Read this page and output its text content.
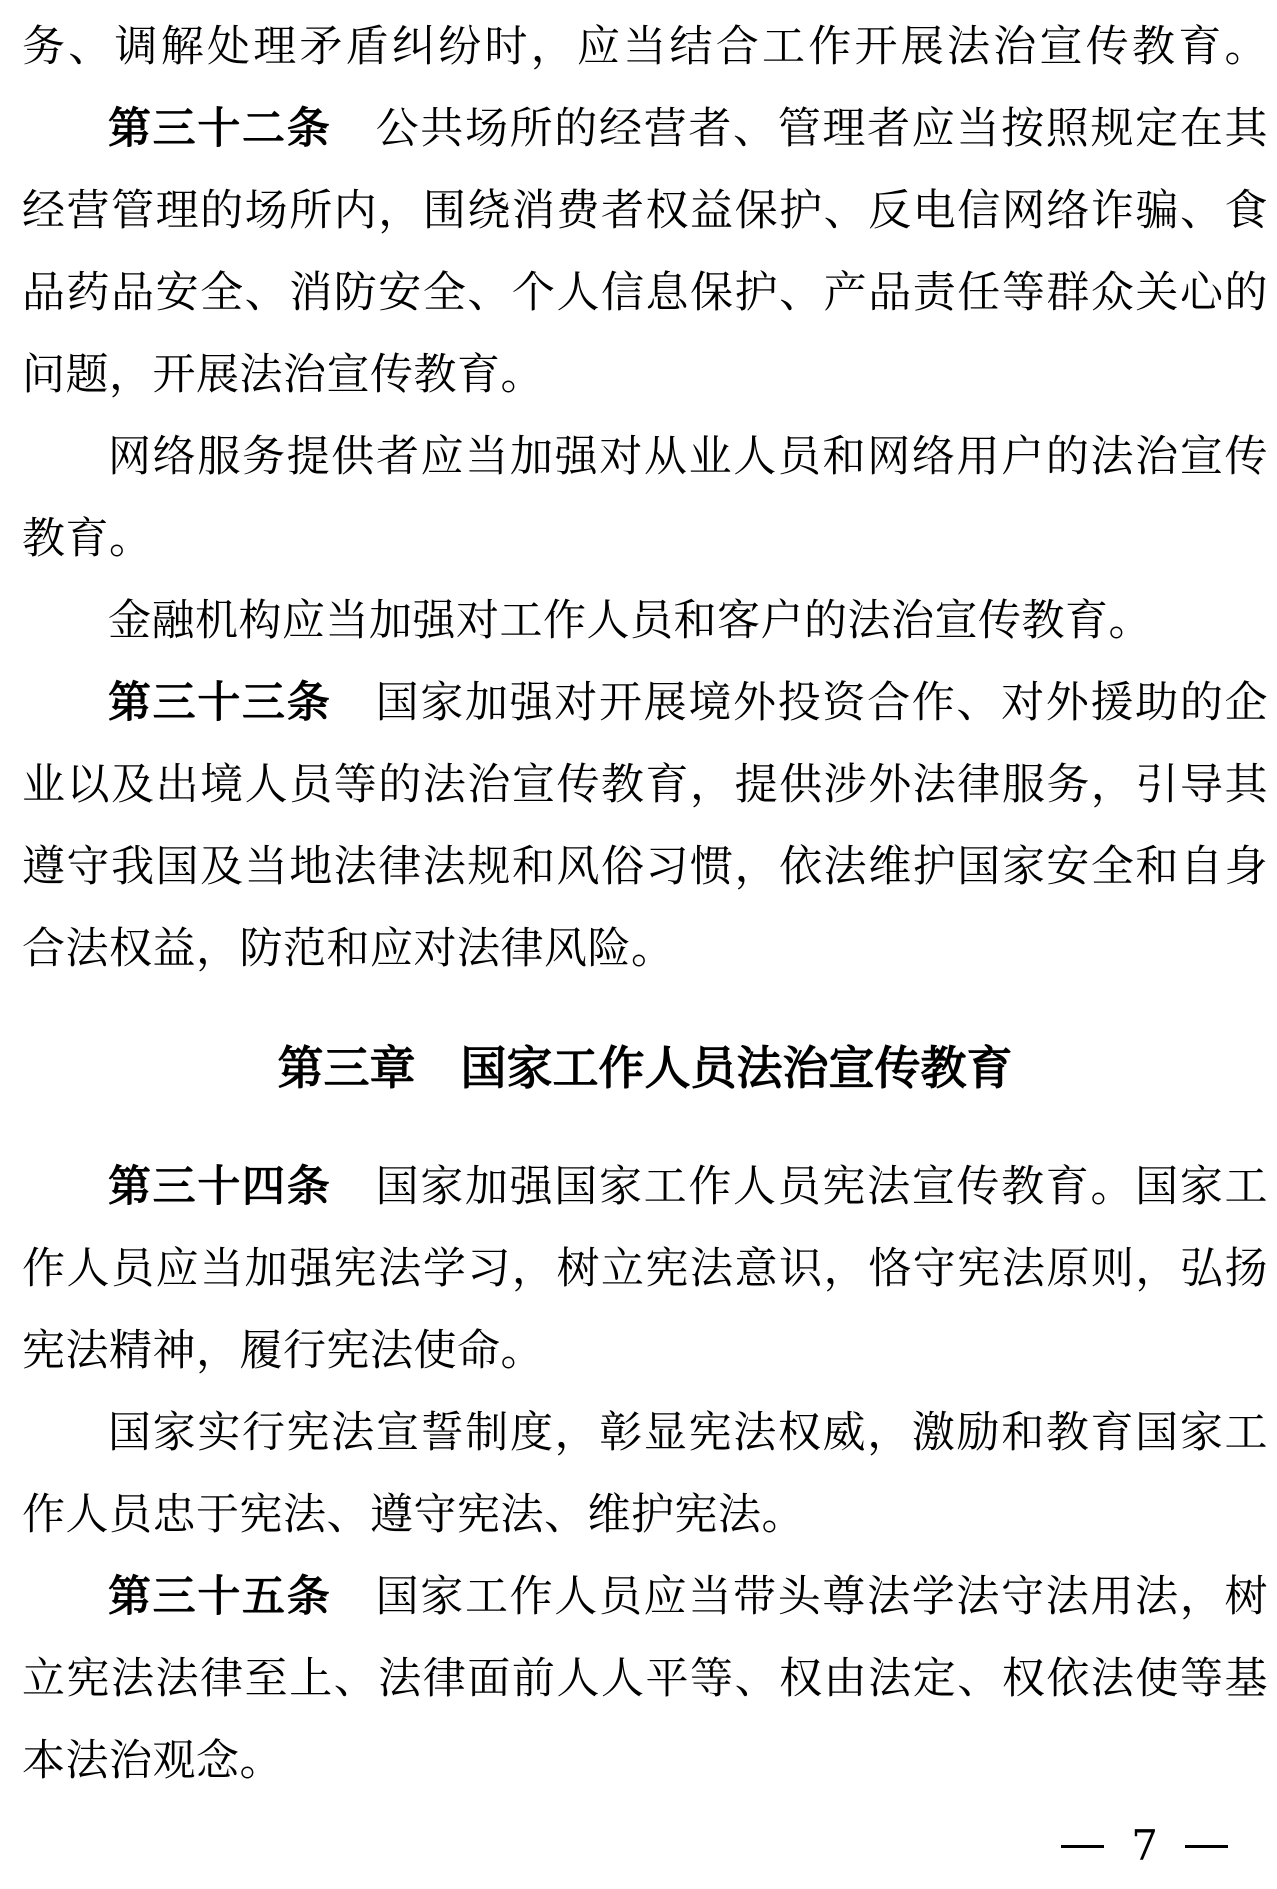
务、调解处理矛盾纠纷时，应当结合工作开展法治宣传教育。
第三十二条 公共场所的经营者、管理者应当按照规定在其
经营管理的场所内，围绕消费者权益保护、反电信网络诈骗、食
品药品安全、消防安全、个人信息保护、产品责任等群众关心的
问题，开展法治宣传教育。
网络服务提供者应当加强对从业人员和网络用户的法治宣传
教育。
金融机构应当加强对工作人员和客户的法治宣传教育。
第三十三条 国家加强对开展境外投资合作、对外援助的企
业以及出境人员等的法治宣传教育，提供涉外法律服务，引导其
遵守我国及当地法律法规和风俗习惯，依法维护国家安全和自身
合法权益，防范和应对法律风险。
第三章 国家工作人员法治宣传教育
第三十四条 国家加强国家工作人员宪法宣传教育。国家工
作人员应当加强宪法学习，树立宪法意识，恪守宪法原则，弘扬
宪法精神，履行宪法使命。
国家实行宪法宣誓制度，彰显宪法权威，激励和教育国家工
作人员忠于宪法、遵守宪法、维护宪法。
第三十五条 国家工作人员应当带头尊法学法守法用法，树
立宪法法律至上、法律面前人人平等、权由法定、权依法使等基
本法治观念。
7
